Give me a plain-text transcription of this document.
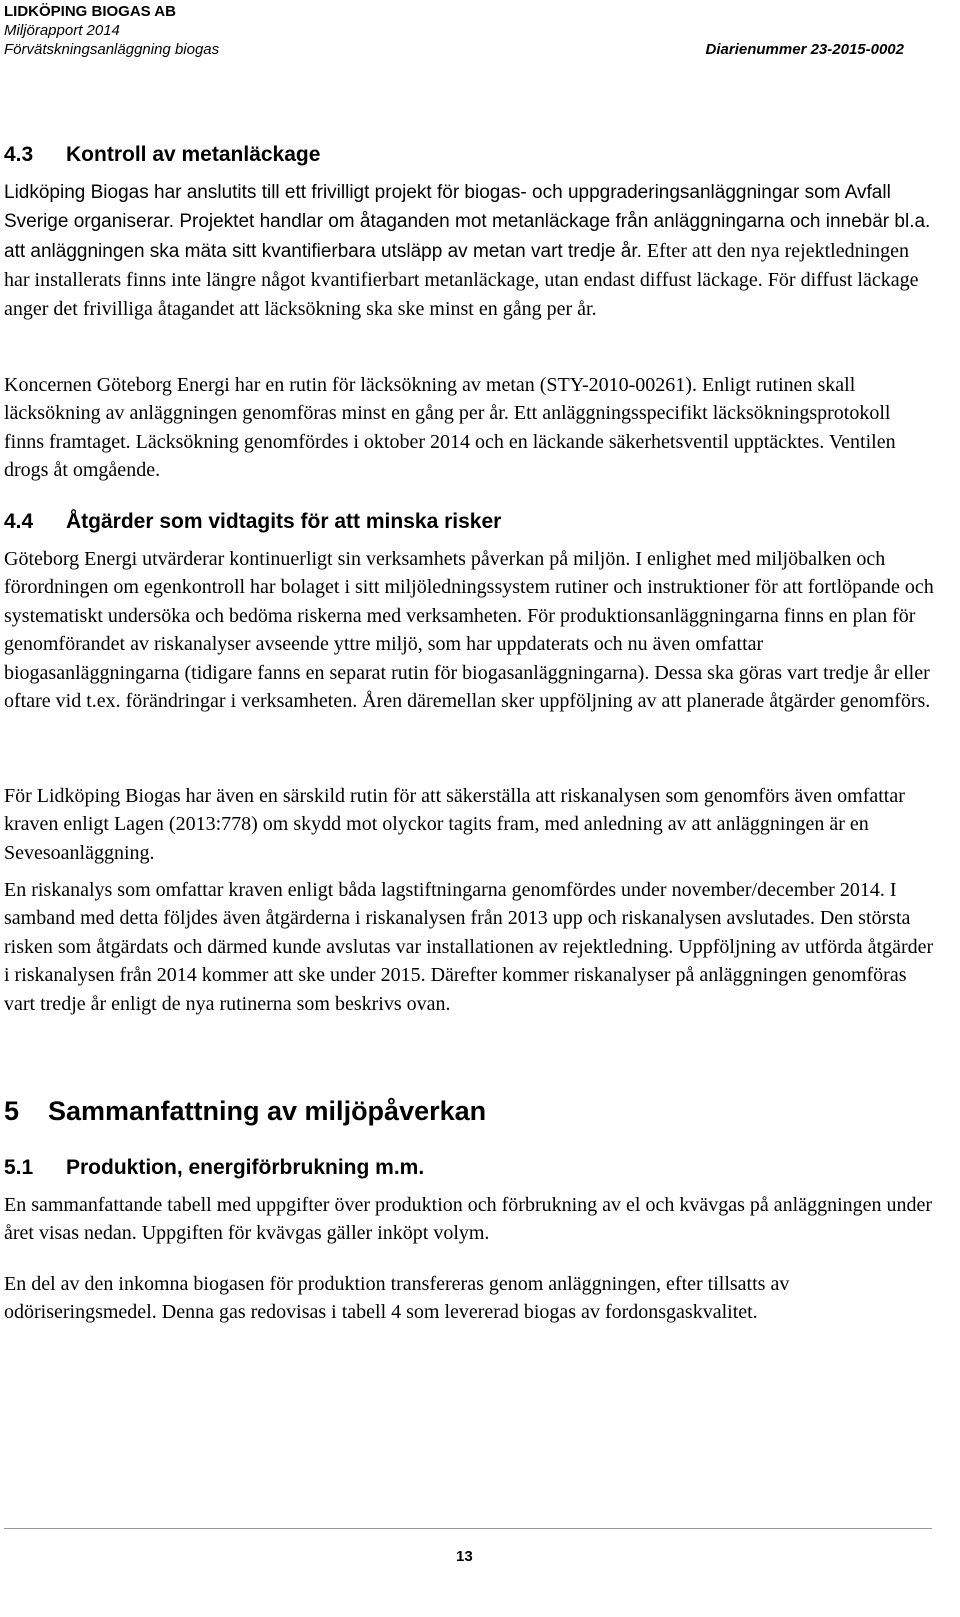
LIDKÖPING BIOGAS AB
Miljörapport 2014
Förvätskningsanläggning biogas	Diarienummer 23-2015-0002
4.3 Kontroll av metanläckage

Lidköping Biogas har anslutits till ett frivilligt projekt för biogas- och uppgraderingsanläggningar som Avfall Sverige organiserar. Projektet handlar om åtaganden mot metanläckage från anläggningarna och innebär bl.a. att anläggningen ska mäta sitt kvantifierbara utsläpp av metan vart tredje år. Efter att den nya rejektledningen har installerats finns inte längre något kvantifierbart metanläckage, utan endast diffust läckage. För diffust läckage anger det frivilliga åtagandet att läcksökning ska ske minst en gång per år.

Koncernen Göteborg Energi har en rutin för läcksökning av metan (STY-2010-00261). Enligt rutinen skall läcksökning av anläggningen genomföras minst en gång per år. Ett anläggningsspecifikt läcksökningsprotokoll finns framtaget. Läcksökning genomfördes i oktober 2014 och en läckande säkerhetsventil upptäcktes. Ventilen drogs åt omgående.

4.4 Åtgärder som vidtagits för att minska risker

Göteborg Energi utvärderar kontinuerligt sin verksamhets påverkan på miljön. I enlighet med miljöbalken och förordningen om egenkontroll har bolaget i sitt miljöledningssystem rutiner och instruktioner för att fortlöpande och systematiskt undersöka och bedöma riskerna med verksamheten. För produktionsanläggningarna finns en plan för genomförandet av riskanalyser avseende yttre miljö, som har uppdaterats och nu även omfattar biogasanläggningarna (tidigare fanns en separat rutin för biogasanläggningarna). Dessa ska göras vart tredje år eller oftare vid t.ex. förändringar i verksamheten. Åren däremellan sker uppföljning av att planerade åtgärder genomförs.

För Lidköping Biogas har även en särskild rutin för att säkerställa att riskanalysen som genomförs även omfattar kraven enligt Lagen (2013:778) om skydd mot olyckor tagits fram, med anledning av att anläggningen är en Sevesoanläggning.

En riskanalys som omfattar kraven enligt båda lagstiftningarna genomfördes under november/december 2014. I samband med detta följdes även åtgärderna i riskanalysen från 2013 upp och riskanalysen avslutades. Den största risken som åtgärdats och därmed kunde avslutas var installationen av rejektledning. Uppföljning av utförda åtgärder i riskanalysen från 2014 kommer att ske under 2015. Därefter kommer riskanalyser på anläggningen genomföras vart tredje år enligt de nya rutinerna som beskrivs ovan.

5 Sammanfattning av miljöpåverkan
5.1 Produktion, energiförbrukning m.m.

En sammanfattande tabell med uppgifter över produktion och förbrukning av el och kvävgas på anläggningen under året visas nedan. Uppgiften för kvävgas gäller inköpt volym.

En del av den inkomna biogasen för produktion transfereras genom anläggningen, efter tillsatts av odöriseringsmedel. Denna gas redovisas i tabell 4 som levererad biogas av fordonsgaskvalitet.

13
